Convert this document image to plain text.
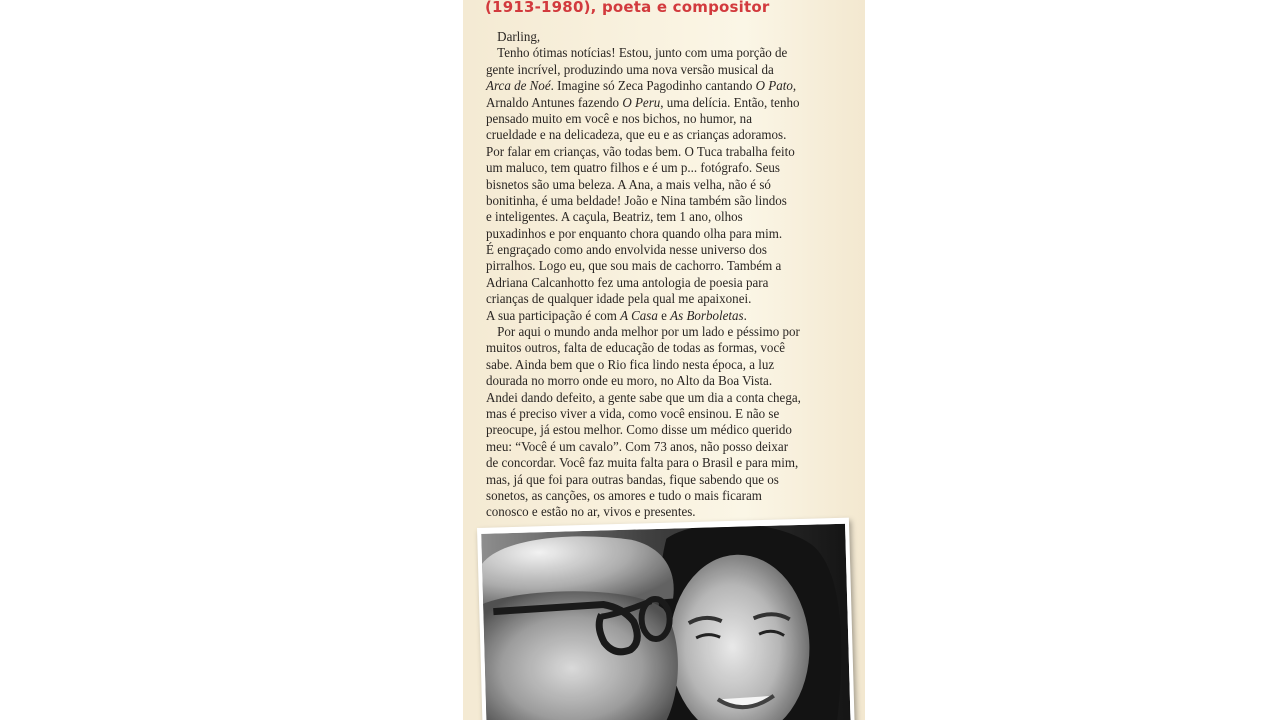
(1913-1980), poeta e compositor
Darling,
Tenho ótimas notícias! Estou, junto com uma porção de
gente incrível, produzindo uma nova versão musical da
Arca de Noé. Imagine só Zeca Pagodinho cantando O Pato,
Arnaldo Antunes fazendo O Peru, uma delícia. Então, tenho
pensado muito em você e nos bichos, no humor, na
crueldade e na delicadeza, que eu e as crianças adoramos.
Por falar em crianças, vão todas bem. O Tuca trabalha feito
um maluco, tem quatro filhos e é um p... fotógrafo. Seus
bisnetos são uma beleza. A Ana, a mais velha, não é só
bonitinha, é uma beldade! João e Nina também são lindos
e inteligentes. A caçula, Beatriz, tem 1 ano, olhos
puxadinhos e por enquanto chora quando olha para mim.
É engraçado como ando envolvida nesse universo dos
pirralhos. Logo eu, que sou mais de cachorro. Também a
Adriana Calcanhotto fez uma antologia de poesia para
crianças de qualquer idade pela qual me apaixonei.
A sua participação é com A Casa e As Borboletas.
Por aqui o mundo anda melhor por um lado e péssimo por
muitos outros, falta de educação de todas as formas, você
sabe. Ainda bem que o Rio fica lindo nesta época, a luz
dourada no morro onde eu moro, no Alto da Boa Vista.
Andei dando defeito, a gente sabe que um dia a conta chega,
mas é preciso viver a vida, como você ensinou. E não se
preocupe, já estou melhor. Como disse um médico querido
meu: “Você é um cavalo”. Com 73 anos, não posso deixar
de concordar. Você faz muita falta para o Brasil e para mim,
mas, já que foi para outras bandas, fique sabendo que os
sonetos, as canções, os amores e tudo o mais ficaram
conosco e estão no ar, vivos e presentes.
